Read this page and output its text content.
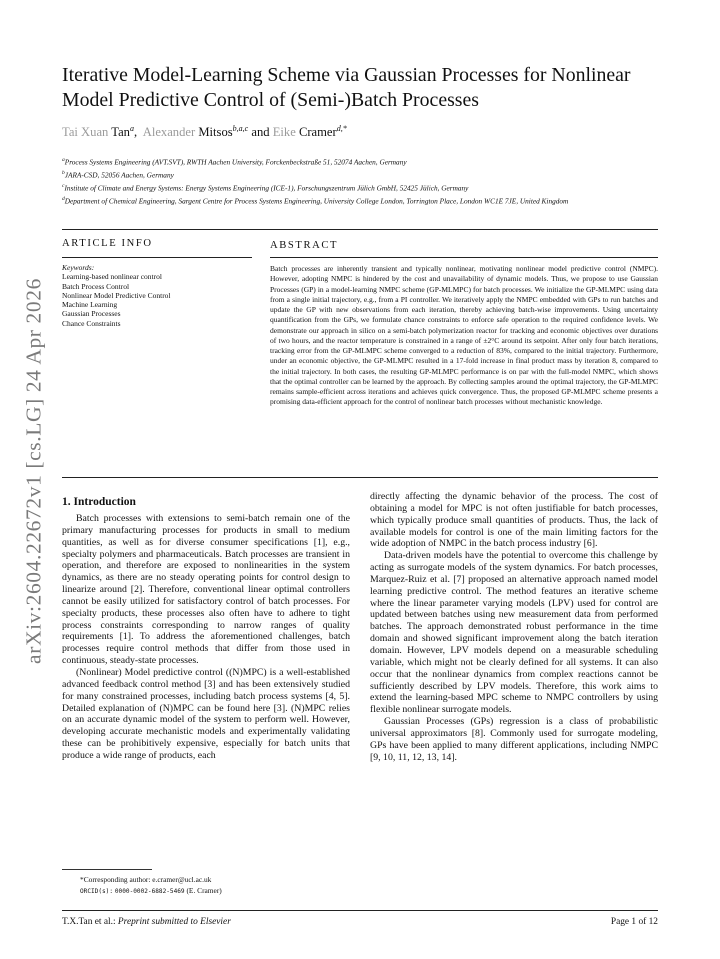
arXiv:2604.22672v1 [cs.LG] 24 Apr 2026
Iterative Model-Learning Scheme via Gaussian Processes for Nonlinear
Model Predictive Control of (Semi-)Batch Processes
Tai Xuan Tan$^a$,  Alexander Mitsos$^{b,a,c}$ and Eike Cramer$^{d,*}$
$^a$Process Systems Engineering (AVT.SVT), RWTH Aachen University, Forckenbeckstraße 51, 52074 Aachen, Germany
$^b$JARA-CSD, 52056 Aachen, Germany
$^c$Institute of Climate and Energy Systems: Energy Systems Engineering (ICE-1), Forschungszentrum Jülich GmbH, 52425 Jülich, Germany
$^d$Department of Chemical Engineering, Sargent Centre for Process Systems Engineering, University College London, Torrington Place, London WC1E 7JE, United Kingdom
ARTICLE INFO	ABSTRACT
Keywords:
Learning-based nonlinear control
Batch Process Control
Nonlinear Model Predictive Control
Machine Learning
Gaussian Processes
Chance Constraints

Batch processes are inherently transient and typically nonlinear, motivating nonlinear model predictive control (NMPC). However, adopting NMPC is hindered by the cost and unavailability of dynamic models. Thus, we propose to use Gaussian Processes (GP) in a model-learning NMPC scheme (GP-MLMPC) for batch processes. We initialize the GP-MLMPC using data from a single initial trajectory, e.g., from a PI controller. We iteratively apply the NMPC embedded with GPs to run batches and update the GP with new observations from each iteration, thereby achieving batch-wise improvements. Using uncertainty quantification from the GPs, we formulate chance constraints to enforce safe operation to the required confidence levels. We demonstrate our approach in silico on a semi-batch polymerization reactor for tracking and economic objectives over durations of two hours, and the reactor temperature is constrained in a range of ±2°C around its setpoint. After only four batch iterations, tracking error from the GP-MLMPC scheme converged to a reduction of 83%, compared to the initial trajectory. Furthermore, under an economic objective, the GP-MLMPC resulted in a 17-fold increase in final product mass by iteration 8, compared to the initial trajectory. In both cases, the resulting GP-MLMPC performance is on par with the full-model NMPC, which shows that the optimal controller can be learned by the approach. By collecting samples around the optimal trajectory, the GP-MLMPC remains sample-efficient across iterations and achieves quick convergence. Thus, the proposed GP-MLMPC scheme presents a promising data-efficient approach for the control of nonlinear batch processes without mechanistic knowledge.

1. Introduction

Batch processes with extensions to semi-batch remain one of the primary manufacturing processes for products in small to medium quantities, as well as for diverse consumer specifications [1], e.g., specialty polymers and pharmaceuticals. Batch processes are transient in operation, and therefore are exposed to nonlinearities in the system dynamics, as there are no steady operating points for control design to linearize around [2]. Therefore, conventional linear optimal controllers cannot be easily utilized for satisfactory control of batch processes. For specialty products, these processes also often have to adhere to tight process constraints corresponding to narrow ranges of quality requirements [1]. To address the aforementioned challenges, batch processes require control methods that differ from those used in continuous, steady-state processes.

(Nonlinear) Model predictive control ((N)MPC) is a well-established advanced feedback control method [3] and has been extensively studied for many constrained processes, including batch process systems [4, 5]. Detailed explanation of (N)MPC can be found here [3]. (N)MPC relies on an accurate dynamic model of the system to perform well. However, developing accurate mechanistic models and experimentally validating these can be prohibitively expensive, especially for batch units that produce a wide range of products, each

directly affecting the dynamic behavior of the process. The cost of obtaining a model for MPC is not often justifiable for batch processes, which typically produce small quantities of products. Thus, the lack of available models for control is one of the main limiting factors for the wide adoption of NMPC in the batch process industry [6].

Data-driven models have the potential to overcome this challenge by acting as surrogate models of the system dynamics. For batch processes, Marquez-Ruiz et al. [7] proposed an alternative approach named model learning predictive control. The method features an iterative scheme where the linear parameter varying models (LPV) used for control are updated between batches using new measurement data from performed batches. The approach demonstrated robust performance in the time domain and showed significant improvement along the batch iteration domain. However, LPV models depend on a measurable scheduling variable, which might not be clearly defined for all systems. It can also occur that the nonlinear dynamics from complex reactions cannot be sufficiently described by LPV models. Therefore, this work aims to extend the learning-based MPC scheme to NMPC controllers by using flexible nonlinear surrogate models.

Gaussian Processes (GPs) regression is a class of probabilistic universal approximators [8]. Commonly used for surrogate modeling, GPs have been applied to many different applications, including NMPC [9, 10, 11, 12, 13, 14].

*Corresponding author: e.cramer@ucl.ac.uk
ORCID(s): 0000-0002-6882-5469 (E. Cramer)
T.X.Tan et al.: Preprint submitted to Elsevier	Page 1 of 12
